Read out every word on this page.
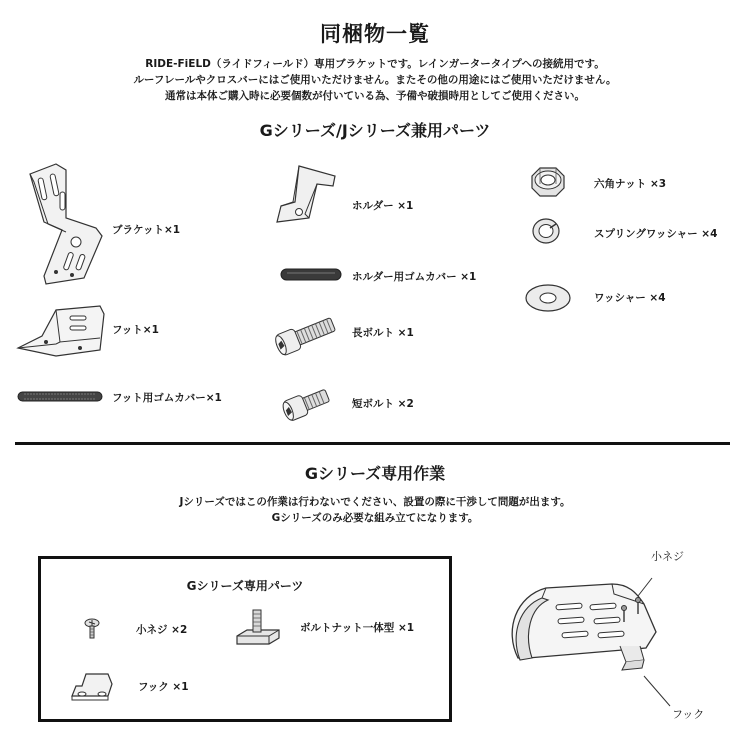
同梱物一覧
RIDE-FiELD（ライドフィールド）専用ブラケットです。レインガータータイプへの接続用です。
ルーフレールやクロスバーにはご使用いただけません。またその他の用途にはご使用いただけません。
通常は本体ご購入時に必要個数が付いている為、予備や破損時用としてご使用ください。
Gシリーズ/Jシリーズ兼用パーツ
ブラケット×1
フット×1
フット用ゴムカバー×1
ホルダー ×1
ホルダー用ゴムカバー ×1
長ボルト ×1
短ボルト ×2
六角ナット ×3
スプリングワッシャー ×4
ワッシャー ×4
Gシリーズ専用作業
Jシリーズではこの作業は行わないでください、設置の際に干渉して問題が出ます。
Gシリーズのみ必要な組み立てになります。
Gシリーズ専用パーツ
小ネジ ×2	ボルトナット一体型 ×1
フック ×1
小ネジ
フック
